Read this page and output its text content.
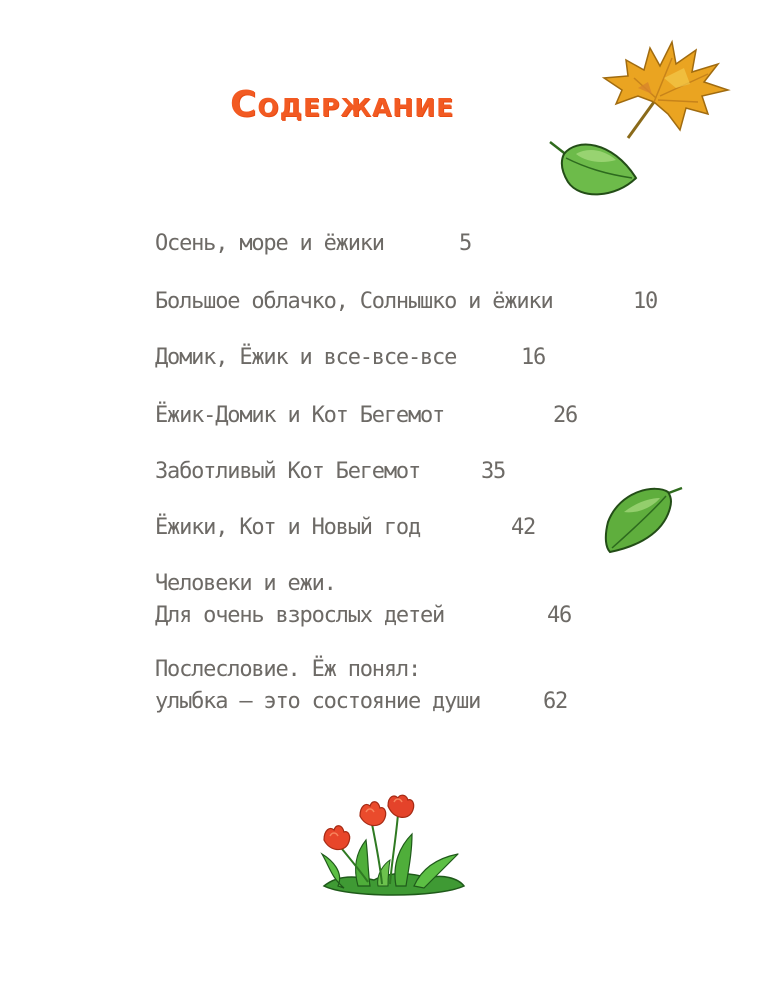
Содержание
Осень, море и ёжики	5
Большое облачко, Солнышко и ёжики	10
Домик, Ёжик и все-все-все	16
Ёжик-Домик и Кот Бегемот	26
Заботливый Кот Бегемот	35
Ёжики, Кот и Новый год	42
Человеки и ежи.
Для очень взрослых детей	46
Послесловие. Ёж понял:
улыбка – это состояние души	62
